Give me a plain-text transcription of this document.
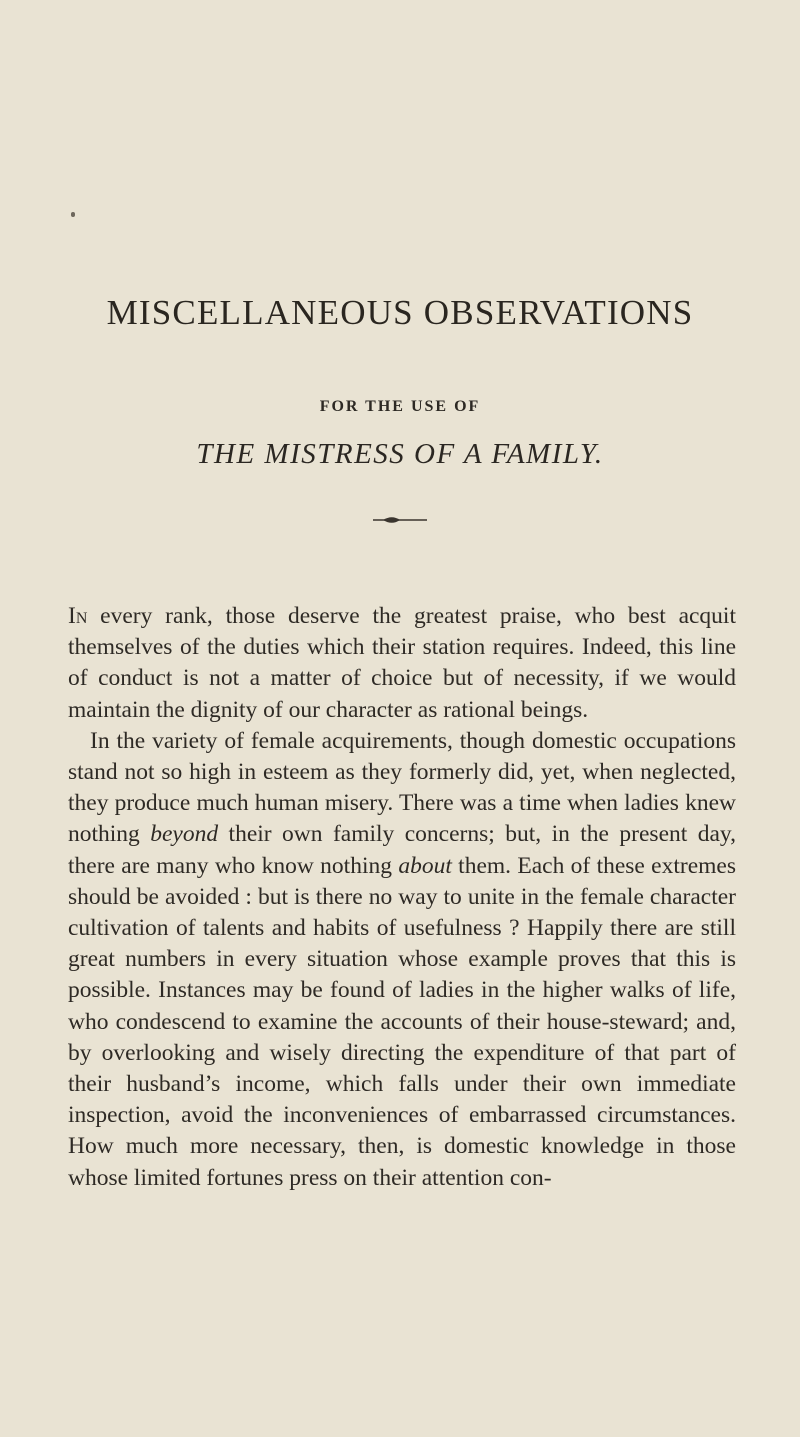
MISCELLANEOUS OBSERVATIONS
FOR THE USE OF
THE MISTRESS OF A FAMILY.

In every rank, those deserve the greatest praise, who best acquit themselves of the duties which their station requires. Indeed, this line of conduct is not a matter of choice but of necessity, if we would maintain the dignity of our character as rational beings.

In the variety of female acquirements, though domestic occupations stand not so high in esteem as they formerly did, yet, when neglected, they produce much human misery. There was a time when ladies knew nothing beyond their own family concerns; but, in the present day, there are many who know nothing about them. Each of these extremes should be avoided : but is there no way to unite in the female character cultivation of talents and habits of usefulness ? Happily there are still great numbers in every situation whose example proves that this is possible. Instances may be found of ladies in the higher walks of life, who condescend to examine the accounts of their house-steward; and, by overlooking and wisely directing the expenditure of that part of their husband’s income, which falls under their own immediate inspection, avoid the inconveniences of embarrassed circumstances. How much more necessary, then, is domestic knowledge in those whose limited fortunes press on their attention con-
